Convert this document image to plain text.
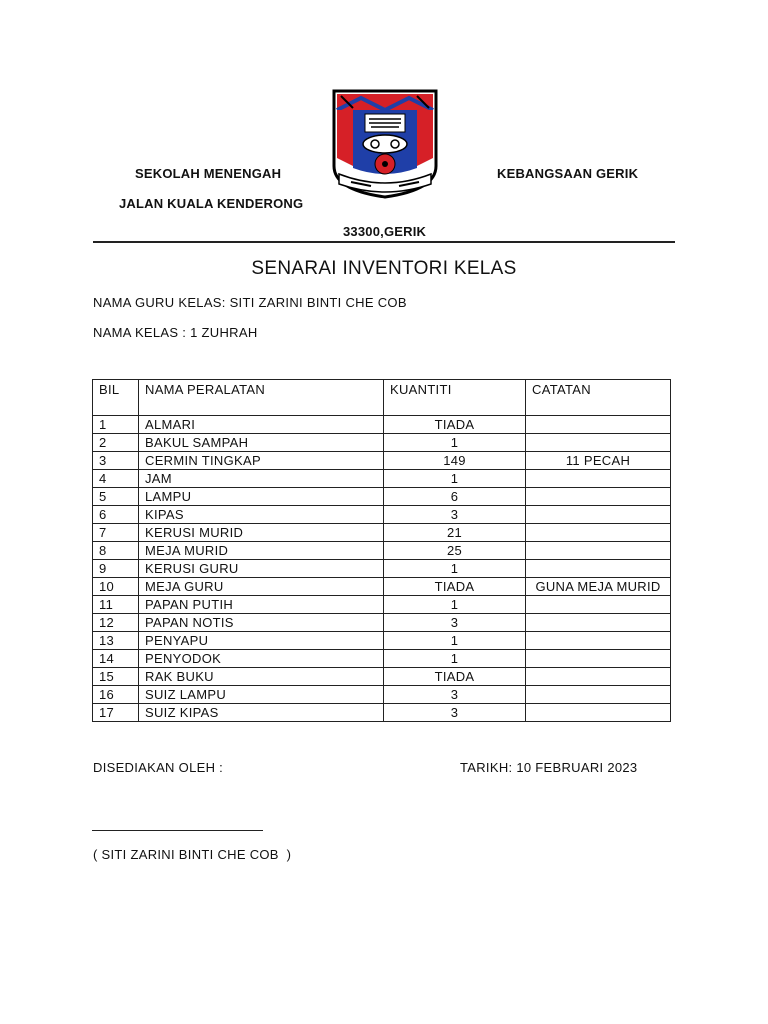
SEKOLAH MENENGAH	KEBANGSAAN GERIK
JALAN KUALA KENDERONG
33300,GERIK
SENARAI INVENTORI KELAS
NAMA GURU KELAS: SITI ZARINI BINTI CHE COB
NAMA KELAS : 1 ZUHRAH
BIL	NAMA PERALATAN	KUANTITI	CATATAN
1	ALMARI	TIADA	
2	BAKUL SAMPAH	1	
3	CERMIN TINGKAP	149	11 PECAH
4	JAM	1	
5	LAMPU	6	
6	KIPAS	3	
7	KERUSI MURID	21	
8	MEJA MURID	25	
9	KERUSI GURU	1	
10	MEJA GURU	TIADA	GUNA MEJA MURID
11	PAPAN PUTIH	1	
12	PAPAN NOTIS	3	
13	PENYAPU	1	
14	PENYODOK	1	
15	RAK BUKU	TIADA	
16	SUIZ LAMPU	3	
17	SUIZ KIPAS	3	
DISEDIAKAN OLEH :	TARIKH: 10 FEBRUARI 2023
( SITI ZARINI BINTI CHE COB  )
